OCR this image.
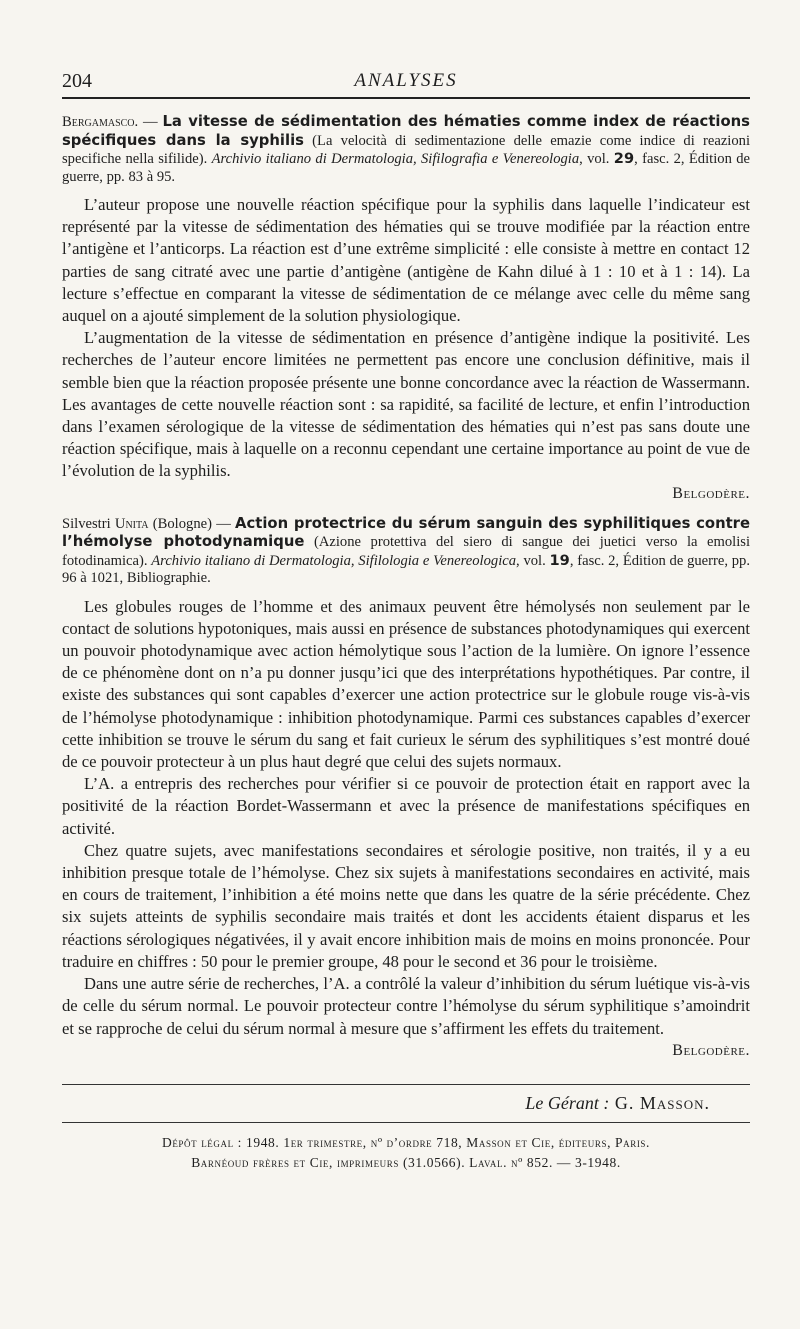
204	ANALYSES
Bergamasco. — La vitesse de sédimentation des hématies comme index de réactions spécifiques dans la syphilis (La velocità di sedimentazione delle emazie come indice di reazioni specifiche nella sifilide). Archivio italiano di Dermatologia, Sifilografia e Venereologia, vol. 29, fasc. 2, Édition de guerre, pp. 83 à 95.

L’auteur propose une nouvelle réaction spécifique pour la syphilis dans laquelle l’indicateur est représenté par la vitesse de sédimentation des hématies qui se trouve modifiée par la réaction entre l’antigène et l’anticorps. La réaction est d’une extrême simplicité : elle consiste à mettre en contact 12 parties de sang citraté avec une partie d’antigène (antigène de Kahn dilué à 1 : 10 et à 1 : 14). La lecture s’effectue en comparant la vitesse de sédimentation de ce mélange avec celle du même sang auquel on a ajouté simplement de la solution physiologique.

L’augmentation de la vitesse de sédimentation en présence d’antigène indique la positivité. Les recherches de l’auteur encore limitées ne permettent pas encore une conclusion définitive, mais il semble bien que la réaction proposée présente une bonne concordance avec la réaction de Wassermann. Les avantages de cette nouvelle réaction sont : sa rapidité, sa facilité de lecture, et enfin l’introduction dans l’examen sérologique de la vitesse de sédimentation des hématies qui n’est pas sans doute une réaction spécifique, mais à laquelle on a reconnu cependant une certaine importance au point de vue de l’évolution de la syphilis.

Belgodère.
Silvestri Unita (Bologne) — Action protectrice du sérum sanguin des syphilitiques contre l’hémolyse photodynamique (Azione protettiva del siero di sangue dei juetici verso la emolisi fotodinamica). Archivio italiano di Dermatologia, Sifilologia e Venereologica, vol. 19, fasc. 2, Édition de guerre, pp. 96 à 1021, Bibliographie.

Les globules rouges de l’homme et des animaux peuvent être hémolysés non seulement par le contact de solutions hypotoniques, mais aussi en présence de substances photodynamiques qui exercent un pouvoir photodynamique avec action hémolytique sous l’action de la lumière. On ignore l’essence de ce phénomène dont on n’a pu donner jusqu’ici que des interprétations hypothétiques. Par contre, il existe des substances qui sont capables d’exercer une action protectrice sur le globule rouge vis-à-vis de l’hémolyse photodynamique : inhibition photodynamique. Parmi ces substances capables d’exercer cette inhibition se trouve le sérum du sang et fait curieux le sérum des syphilitiques s’est montré doué de ce pouvoir protecteur à un plus haut degré que celui des sujets normaux.

L’A. a entrepris des recherches pour vérifier si ce pouvoir de protection était en rapport avec la positivité de la réaction Bordet-Wassermann et avec la présence de manifestations spécifiques en activité.

Chez quatre sujets, avec manifestations secondaires et sérologie positive, non traités, il y a eu inhibition presque totale de l’hémolyse. Chez six sujets à manifestations secondaires en activité, mais en cours de traitement, l’inhibition a été moins nette que dans les quatre de la série précédente. Chez six sujets atteints de syphilis secondaire mais traités et dont les accidents étaient disparus et les réactions sérologiques négativées, il y avait encore inhibition mais de moins en moins prononcée. Pour traduire en chiffres : 50 pour le premier groupe, 48 pour le second et 36 pour le troisième.

Dans une autre série de recherches, l’A. a contrôlé la valeur d’inhibition du sérum luétique vis-à-vis de celle du sérum normal. Le pouvoir protecteur contre l’hémolyse du sérum syphilitique s’amoindrit et se rapproche de celui du sérum normal à mesure que s’affirment les effets du traitement.

Belgodère.
Le Gérant : G. Masson.
Dépôt légal : 1948. 1er trimestre, nº d’ordre 718, Masson et Cie, éditeurs, Paris.
Barnéoud frères et Cie, imprimeurs (31.0566). Laval. nº 852. — 3-1948.
